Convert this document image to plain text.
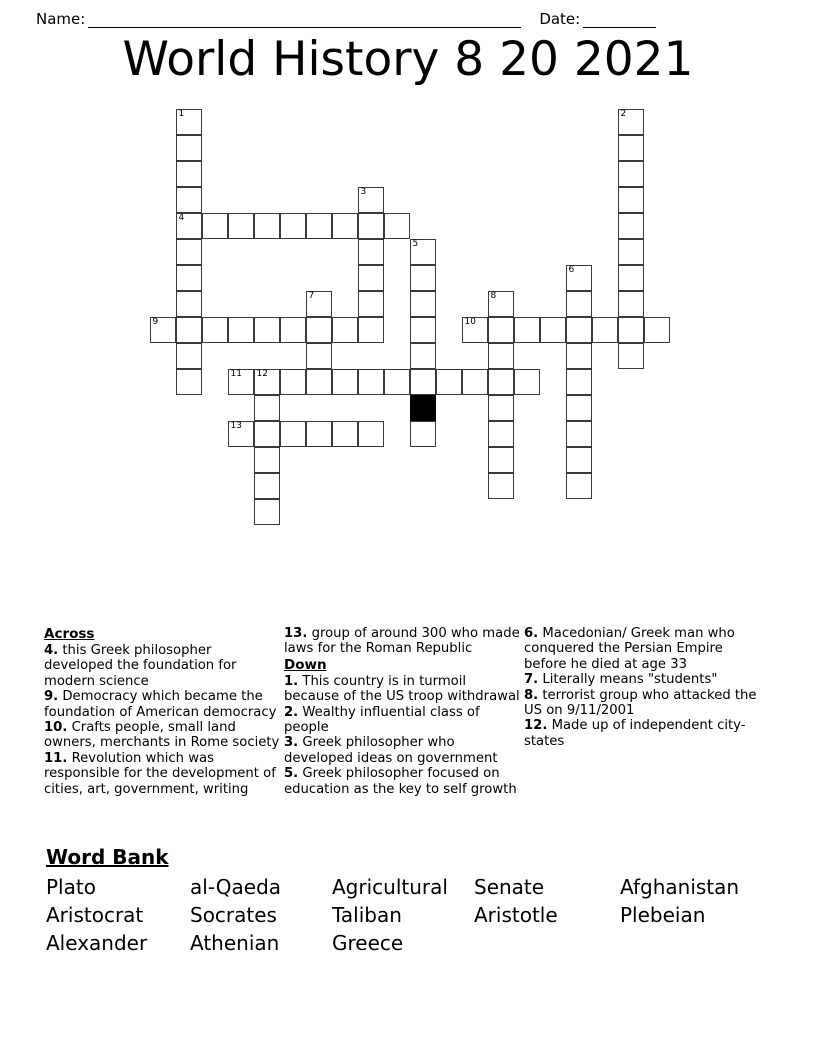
Name:	Date:
World History 8 20 2021
1	2
3
4
5
6
7	8
9	10
11 12
13
Across

4. this Greek philosopher developed the foundation for modern science

9. Democracy which became the foundation of American democracy

10. Crafts people, small land owners, merchants in Rome society

11. Revolution which was responsible for the development of cities, art, government, writing

13. group of around 300 who made laws for the Roman Republic

Down

1. This country is in turmoil because of the US troop withdrawal

2. Wealthy influential class of people

3. Greek philosopher who developed ideas on government

5. Greek philosopher focused on education as the key to self growth

6. Macedonian/ Greek man who conquered the Persian Empire before he died at age 33

7. Literally means "students"

8. terrorist group who attacked the US on 9/11/2001

12. Made up of independent city-states

Word Bank
Plato	al-Qaeda	Agricultural	Senate	Afghanistan
Aristocrat	Socrates	Taliban	Aristotle	Plebeian
Alexander	Athenian	Greece
